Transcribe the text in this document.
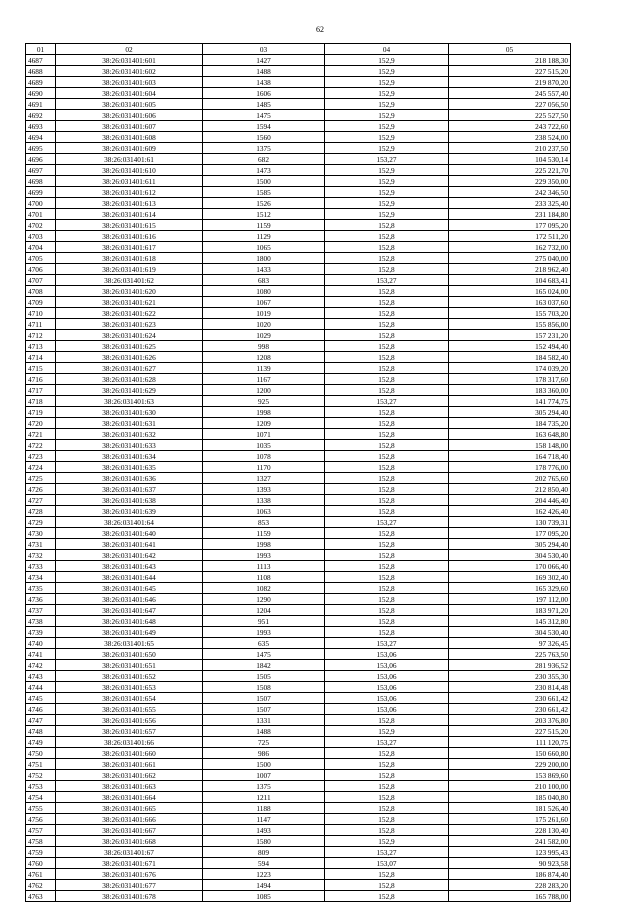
62
01	02	03	04	05
4687	38:26:031401:601	1427	152,9	218 188,30
4688	38:26:031401:602	1488	152,9	227 515,20
4689	38:26:031401:603	1438	152,9	219 870,20
4690	38:26:031401:604	1606	152,9	245 557,40
4691	38:26:031401:605	1485	152,9	227 056,50
4692	38:26:031401:606	1475	152,9	225 527,50
4693	38:26:031401:607	1594	152,9	243 722,60
4694	38:26:031401:608	1560	152,9	238 524,00
4695	38:26:031401:609	1375	152,9	210 237,50
4696	38:26:031401:61	682	153,27	104 530,14
4697	38:26:031401:610	1473	152,9	225 221,70
4698	38:26:031401:611	1500	152,9	229 350,00
4699	38:26:031401:612	1585	152,9	242 346,50
4700	38:26:031401:613	1526	152,9	233 325,40
4701	38:26:031401:614	1512	152,9	231 184,80
4702	38:26:031401:615	1159	152,8	177 095,20
4703	38:26:031401:616	1129	152,8	172 511,20
4704	38:26:031401:617	1065	152,8	162 732,00
4705	38:26:031401:618	1800	152,8	275 040,00
4706	38:26:031401:619	1433	152,8	218 962,40
4707	38:26:031401:62	683	153,27	104 683,41
4708	38:26:031401:620	1080	152,8	165 024,00
4709	38:26:031401:621	1067	152,8	163 037,60
4710	38:26:031401:622	1019	152,8	155 703,20
4711	38:26:031401:623	1020	152,8	155 856,00
4712	38:26:031401:624	1029	152,8	157 231,20
4713	38:26:031401:625	998	152,8	152 494,40
4714	38:26:031401:626	1208	152,8	184 582,40
4715	38:26:031401:627	1139	152,8	174 039,20
4716	38:26:031401:628	1167	152,8	178 317,60
4717	38:26:031401:629	1200	152,8	183 360,00
4718	38:26:031401:63	925	153,27	141 774,75
4719	38:26:031401:630	1998	152,8	305 294,40
4720	38:26:031401:631	1209	152,8	184 735,20
4721	38:26:031401:632	1071	152,8	163 648,80
4722	38:26:031401:633	1035	152,8	158 148,00
4723	38:26:031401:634	1078	152,8	164 718,40
4724	38:26:031401:635	1170	152,8	178 776,00
4725	38:26:031401:636	1327	152,8	202 765,60
4726	38:26:031401:637	1393	152,8	212 850,40
4727	38:26:031401:638	1338	152,8	204 446,40
4728	38:26:031401:639	1063	152,8	162 426,40
4729	38:26:031401:64	853	153,27	130 739,31
4730	38:26:031401:640	1159	152,8	177 095,20
4731	38:26:031401:641	1998	152,8	305 294,40
4732	38:26:031401:642	1993	152,8	304 530,40
4733	38:26:031401:643	1113	152,8	170 066,40
4734	38:26:031401:644	1108	152,8	169 302,40
4735	38:26:031401:645	1082	152,8	165 329,60
4736	38:26:031401:646	1290	152,8	197 112,00
4737	38:26:031401:647	1204	152,8	183 971,20
4738	38:26:031401:648	951	152,8	145 312,80
4739	38:26:031401:649	1993	152,8	304 530,40
4740	38:26:031401:65	635	153,27	97 326,45
4741	38:26:031401:650	1475	153,06	225 763,50
4742	38:26:031401:651	1842	153,06	281 936,52
4743	38:26:031401:652	1505	153,06	230 355,30
4744	38:26:031401:653	1508	153,06	230 814,48
4745	38:26:031401:654	1507	153,06	230 661,42
4746	38:26:031401:655	1507	153,06	230 661,42
4747	38:26:031401:656	1331	152,8	203 376,80
4748	38:26:031401:657	1488	152,9	227 515,20
4749	38:26:031401:66	725	153,27	111 120,75
4750	38:26:031401:660	986	152,8	150 660,80
4751	38:26:031401:661	1500	152,8	229 200,00
4752	38:26:031401:662	1007	152,8	153 869,60
4753	38:26:031401:663	1375	152,8	210 100,00
4754	38:26:031401:664	1211	152,8	185 040,80
4755	38:26:031401:665	1188	152,8	181 526,40
4756	38:26:031401:666	1147	152,8	175 261,60
4757	38:26:031401:667	1493	152,8	228 130,40
4758	38:26:031401:668	1580	152,9	241 582,00
4759	38:26:031401:67	809	153,27	123 995,43
4760	38:26:031401:671	594	153,07	90 923,58
4761	38:26:031401:676	1223	152,8	186 874,40
4762	38:26:031401:677	1494	152,8	228 283,20
4763	38:26:031401:678	1085	152,8	165 788,00
